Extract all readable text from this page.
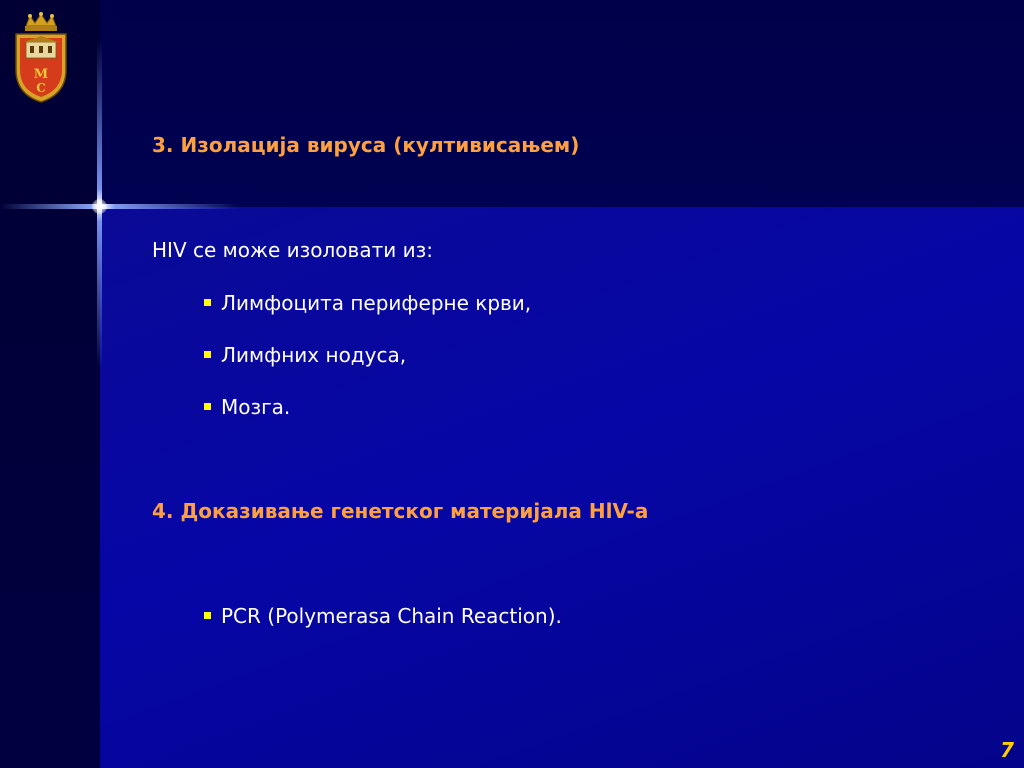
М
С

3. Изолација вируса (култивисањем)

HIV се може изоловати из:

Лимфоцита периферне крви,

Лимфних нодуса,

Мозга.

4. Доказивање генетског материјала HlV-а

PCR (Polymerasa Chain Reaction).

7
